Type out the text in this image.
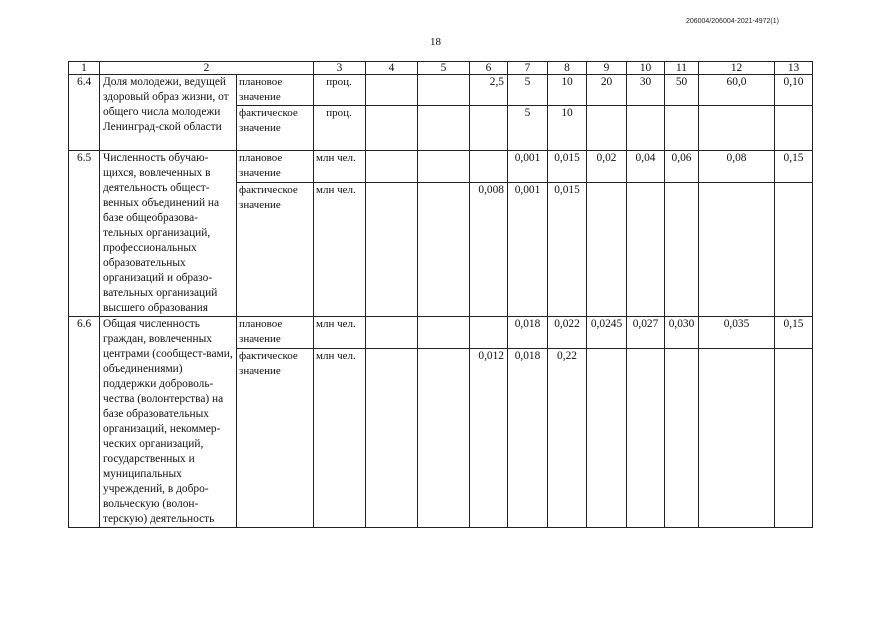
206004/206004-2021-4972(1)
18
1	2		3	4	5	6	7	8	9	10	11	12	13
6.4	Доля молодежи, ведущей здоровый образ жизни, от общего числа молодежи Ленинград-ской области	плановое значение	проц.			2,5	5	10	20	30	50	60,0	0,10
		фактическое значение	проц.				5	10					
6.5	Численность обучаю-щихся, вовлеченных в деятельность общест-венных объединений на базе общеобразова-тельных организаций, профессиональных образовательных организаций и образо-вательных организаций высшего образования	плановое значение	млн чел.				0,001	0,015	0,02	0,04	0,06	0,08	0,15
		фактическое значение	млн чел.			0,008	0,001	0,015					
6.6	Общая численность граждан, вовлеченных центрами (сообщест-вами, объединениями) поддержки доброволь-чества (волонтерства) на базе образовательных организаций, некоммер-ческих организаций, государственных и муниципальных учреждений, в добро-вольческую (волон-терскую) деятельность	плановое значение	млн чел.				0,018	0,022	0,0245	0,027	0,030	0,035	0,15
		фактическое значение	млн чел.			0,012	0,018	0,22					
